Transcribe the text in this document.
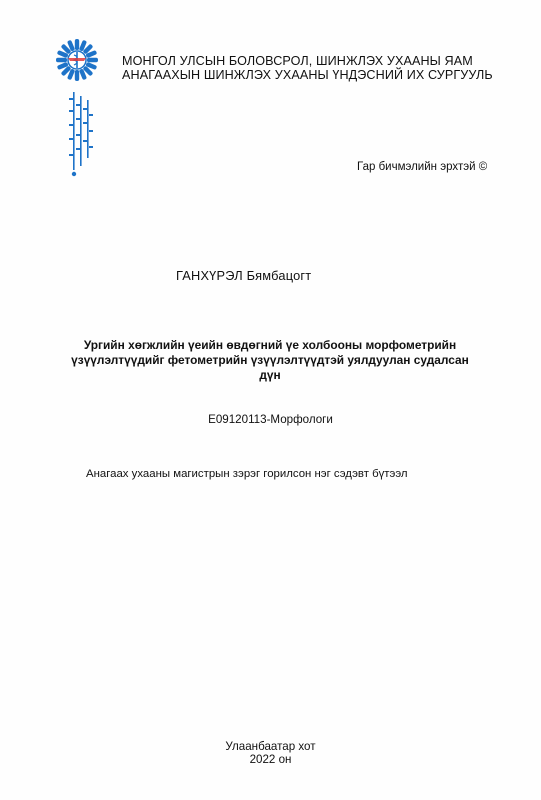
МОНГОЛ УЛСЫН БОЛОВСРОЛ, ШИНЖЛЭХ УХААНЫ ЯАМ
АНАГААХЫН ШИНЖЛЭХ УХААНЫ ҮНДЭСНИЙ ИХ СУРГУУЛЬ
Гар бичмэлийн эрхтэй ©
ГАНХҮРЭЛ Бямбацогт
Ургийн хөгжлийн үеийн өвдөгний үе холбооны морфометрийн
үзүүлэлтүүдийг фетометрийн үзүүлэлтүүдтэй уялдуулан судалсан дүн
E09120113-Морфологи
Анагаах ухааны магистрын зэрэг горилсон нэг сэдэвт бүтээл
Улаанбаатар хот
2022 он
